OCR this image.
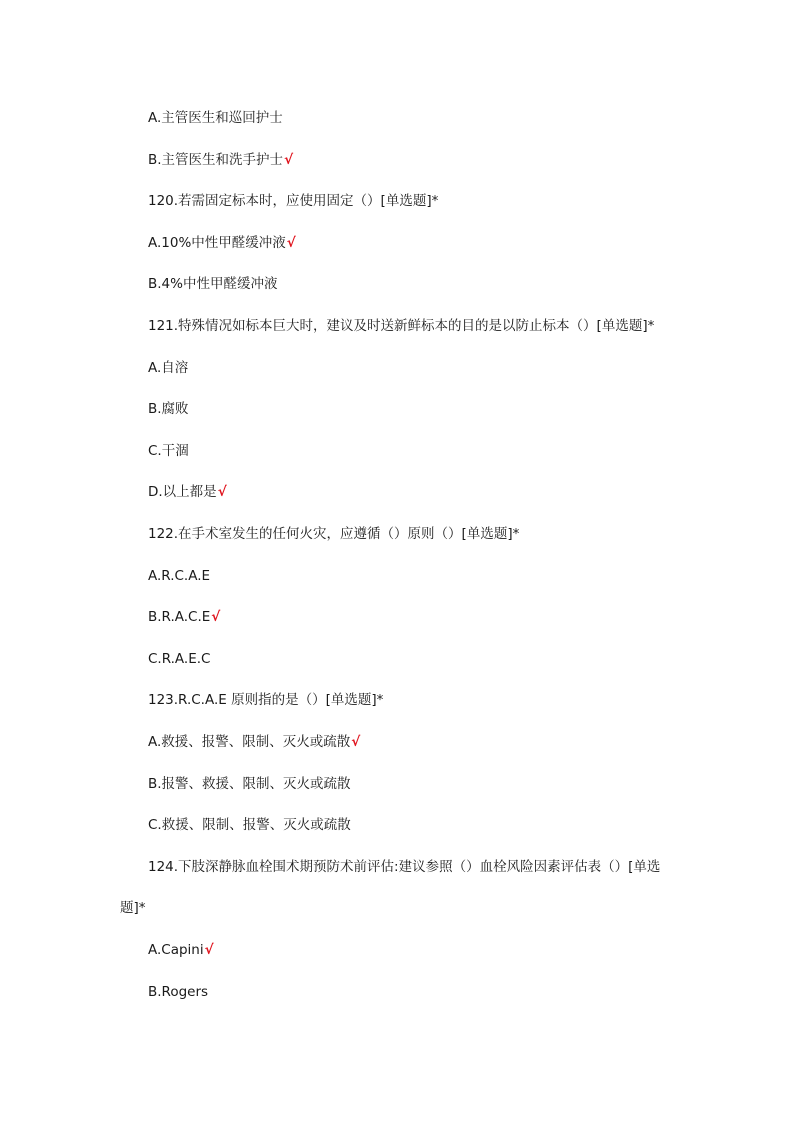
A.主管医生和巡回护士
B.主管医生和洗手护士√
120.若需固定标本时，应使用固定（）[单选题]*
A.10%中性甲醛缓冲液√
B.4%中性甲醛缓冲液
121.特殊情况如标本巨大时，建议及时送新鲜标本的目的是以防止标本（）[单选题]*
A.自溶
B.腐败
C.干涸
D.以上都是√
122.在手术室发生的任何火灾，应遵循（）原则（）[单选题]*
A.R.C.A.E
B.R.A.C.E√
C.R.A.E.C
123.R.C.A.E 原则指的是（）[单选题]*
A.救援、报警、限制、灭火或疏散√
B.报警、救援、限制、灭火或疏散
C.救援、限制、报警、灭火或疏散
124.下肢深静脉血栓围术期预防术前评估:建议参照（）血栓风险因素评估表（）[单选
题]*
A.Capini√
B.Rogers
